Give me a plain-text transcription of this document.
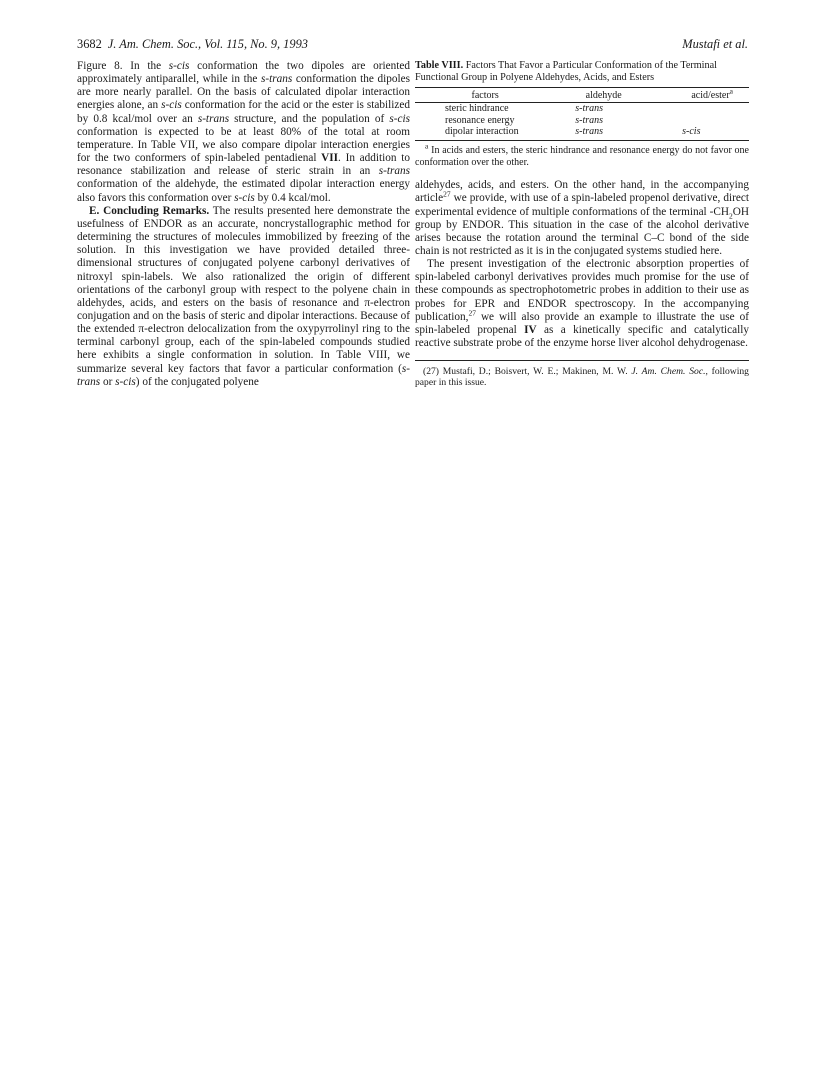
3682 J. Am. Chem. Soc., Vol. 115, No. 9, 1993	Mustafi et al.

Figure 8. In the s-cis conformation the two dipoles are oriented approximately antiparallel, while in the s-trans conformation the dipoles are more nearly parallel. On the basis of calculated dipolar interaction energies alone, an s-cis conformation for the acid or the ester is stabilized by 0.8 kcal/mol over an s-trans structure, and the population of s-cis conformation is expected to be at least 80% of the total at room temperature. In Table VII, we also compare dipolar interaction energies for the two conformers of spin-labeled pentadienal VII. In addition to resonance stabilization and release of steric strain in an s-trans conformation of the aldehyde, the estimated dipolar interaction energy also favors this conformation over s-cis by 0.4 kcal/mol.

E. Concluding Remarks. The results presented here demonstrate the usefulness of ENDOR as an accurate, noncrystallographic method for determining the structures of molecules immobilized by freezing of the solution. In this investigation we have provided detailed three-dimensional structures of conjugated polyene carbonyl derivatives of nitroxyl spin-labels. We also rationalized the origin of different orientations of the carbonyl group with respect to the polyene chain in aldehydes, acids, and esters on the basis of resonance and π-electron conjugation and on the basis of steric and dipolar interactions. Because of the extended π-electron delocalization from the oxypyrrolinyl ring to the terminal carbonyl group, each of the spin-labeled compounds studied here exhibits a single conformation in solution. In Table VIII, we summarize several key factors that favor a particular conformation (s-trans or s-cis) of the conjugated polyene

Table VIII. Factors That Favor a Particular Conformation of the Terminal Functional Group in Polyene Aldehydes, Acids, and Esters
factors	aldehyde	acid/ester$^a$
steric hindrance	s-trans	
resonance energy	s-trans	
dipolar interaction	s-trans	s-cis
$^a$ In acids and esters, the steric hindrance and resonance energy do not favor one conformation over the other.

aldehydes, acids, and esters. On the other hand, in the accompanying article$^{27}$ we provide, with use of a spin-labeled propenol derivative, direct experimental evidence of multiple conformations of the terminal $-CH_2OH$ group by ENDOR. This situation in the case of the alcohol derivative arises because the rotation around the terminal C–C bond of the side chain is not restricted as it is in the conjugated systems studied here.

The present investigation of the electronic absorption properties of spin-labeled carbonyl derivatives provides much promise for the use of these compounds as spectrophotometric probes in addition to their use as probes for EPR and ENDOR spectroscopy. In the accompanying publication,$^{27}$ we will also provide an example to illustrate the use of spin-labeled propenal IV as a kinetically specific and catalytically reactive substrate probe of the enzyme horse liver alcohol dehydrogenase.

(27) Mustafi, D.; Boisvert, W. E.; Makinen, M. W. J. Am. Chem. Soc., following paper in this issue.
